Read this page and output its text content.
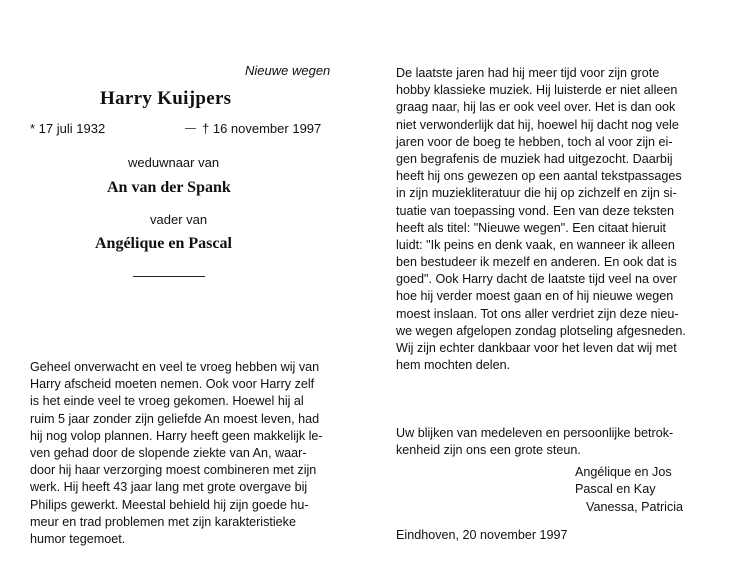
Nieuwe wegen
Harry Kuijpers
* 17 juli 1932	† 16 november 1997
weduwnaar van
An van der Spank
vader van
Angélique en Pascal
Geheel onverwacht en veel te vroeg hebben wij van
Harry afscheid moeten nemen. Ook voor Harry zelf
is het einde veel te vroeg gekomen. Hoewel hij al
ruim 5 jaar zonder zijn geliefde An moest leven, had
hij nog volop plannen. Harry heeft geen makkelijk le-
ven gehad door de slopende ziekte van An, waar-
door hij haar verzorging moest combineren met zijn
werk. Hij heeft 43 jaar lang met grote overgave bij
Philips gewerkt. Meestal behield hij zijn goede hu-
meur en trad problemen met zijn karakteristieke
humor tegemoet.
De laatste jaren had hij meer tijd voor zijn grote
hobby klassieke muziek. Hij luisterde er niet alleen
graag naar, hij las er ook veel over. Het is dan ook
niet verwonderlijk dat hij, hoewel hij dacht nog vele
jaren voor de boeg te hebben, toch al voor zijn ei-
gen begrafenis de muziek had uitgezocht. Daarbij
heeft hij ons gewezen op een aantal tekstpassages
in zijn muziekliteratuur die hij op zichzelf en zijn si-
tuatie van toepassing vond. Een van deze teksten
heeft als titel: "Nieuwe wegen". Een citaat hieruit
luidt: "Ik peins en denk vaak, en wanneer ik alleen
ben bestudeer ik mezelf en anderen. En ook dat is
goed". Ook Harry dacht de laatste tijd veel na over
hoe hij verder moest gaan en of hij nieuwe wegen
moest inslaan. Tot ons aller verdriet zijn deze nieu-
we wegen afgelopen zondag plotseling afgesneden.
Wij zijn echter dankbaar voor het leven dat wij met
hem mochten delen.
Uw blijken van medeleven en persoonlijke betrok-
kenheid zijn ons een grote steun.
Angélique en Jos
Pascal en Kay
Vanessa, Patricia
Eindhoven, 20 november 1997
